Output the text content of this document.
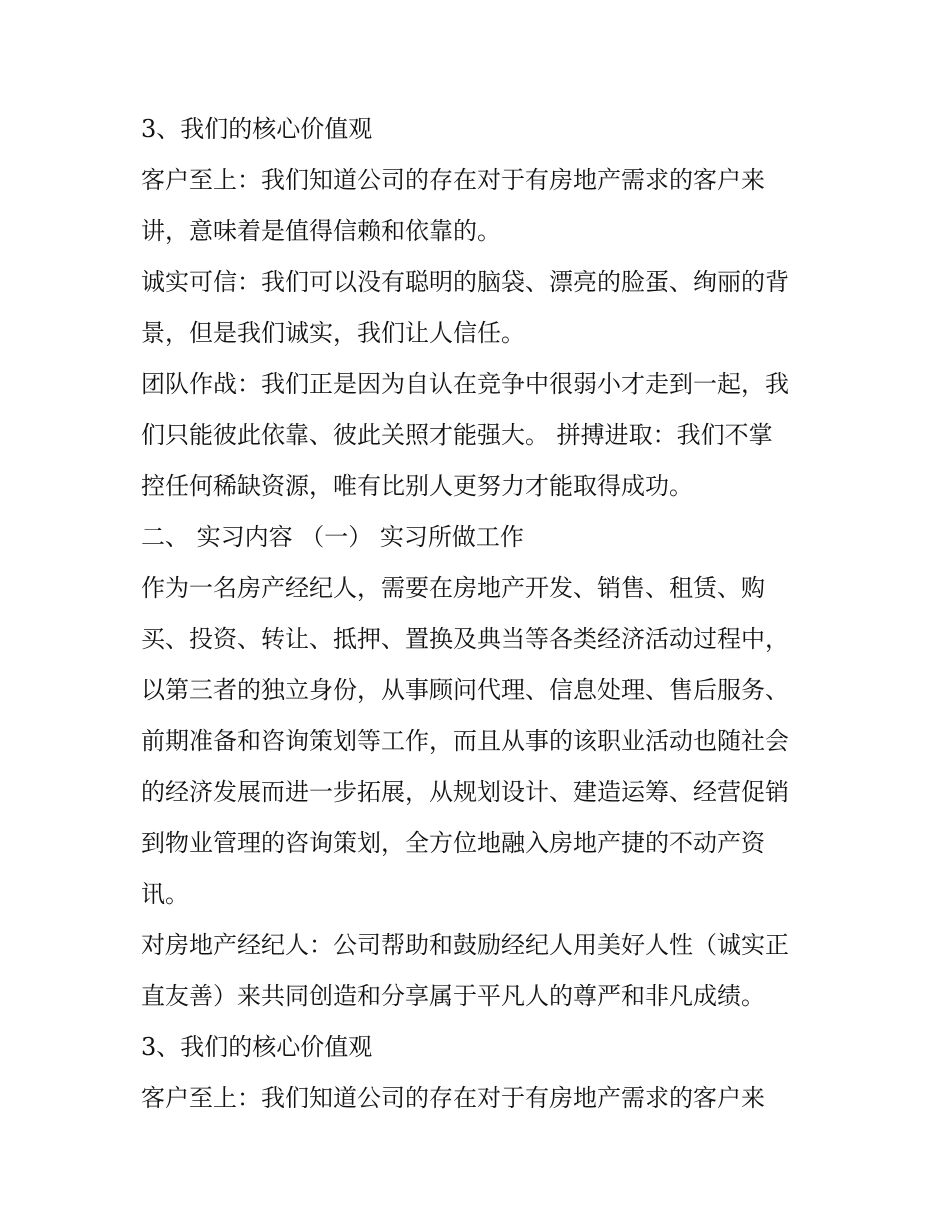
3、我们的核心价值观
客户至上：我们知道公司的存在对于有房地产需求的客户来
讲，意味着是值得信赖和依靠的。
诚实可信：我们可以没有聪明的脑袋、漂亮的脸蛋、绚丽的背
景，但是我们诚实，我们让人信任。
团队作战：我们正是因为自认在竞争中很弱小才走到一起，我
们只能彼此依靠、彼此关照才能强大。 拼搏进取：我们不掌
控任何稀缺资源，唯有比别人更努力才能取得成功。
二、 实习内容 （一） 实习所做工作
作为一名房产经纪人，需要在房地产开发、销售、租赁、购
买、投资、转让、抵押、置换及典当等各类经济活动过程中，
以第三者的独立身份，从事顾问代理、信息处理、售后服务、
前期准备和咨询策划等工作，而且从事的该职业活动也随社会
的经济发展而进一步拓展，从规划设计、建造运筹、经营促销
到物业管理的咨询策划，全方位地融入房地产捷的不动产资
讯。
对房地产经纪人：公司帮助和鼓励经纪人用美好人性（诚实正
直友善）来共同创造和分享属于平凡人的尊严和非凡成绩。
3、我们的核心价值观
客户至上：我们知道公司的存在对于有房地产需求的客户来
